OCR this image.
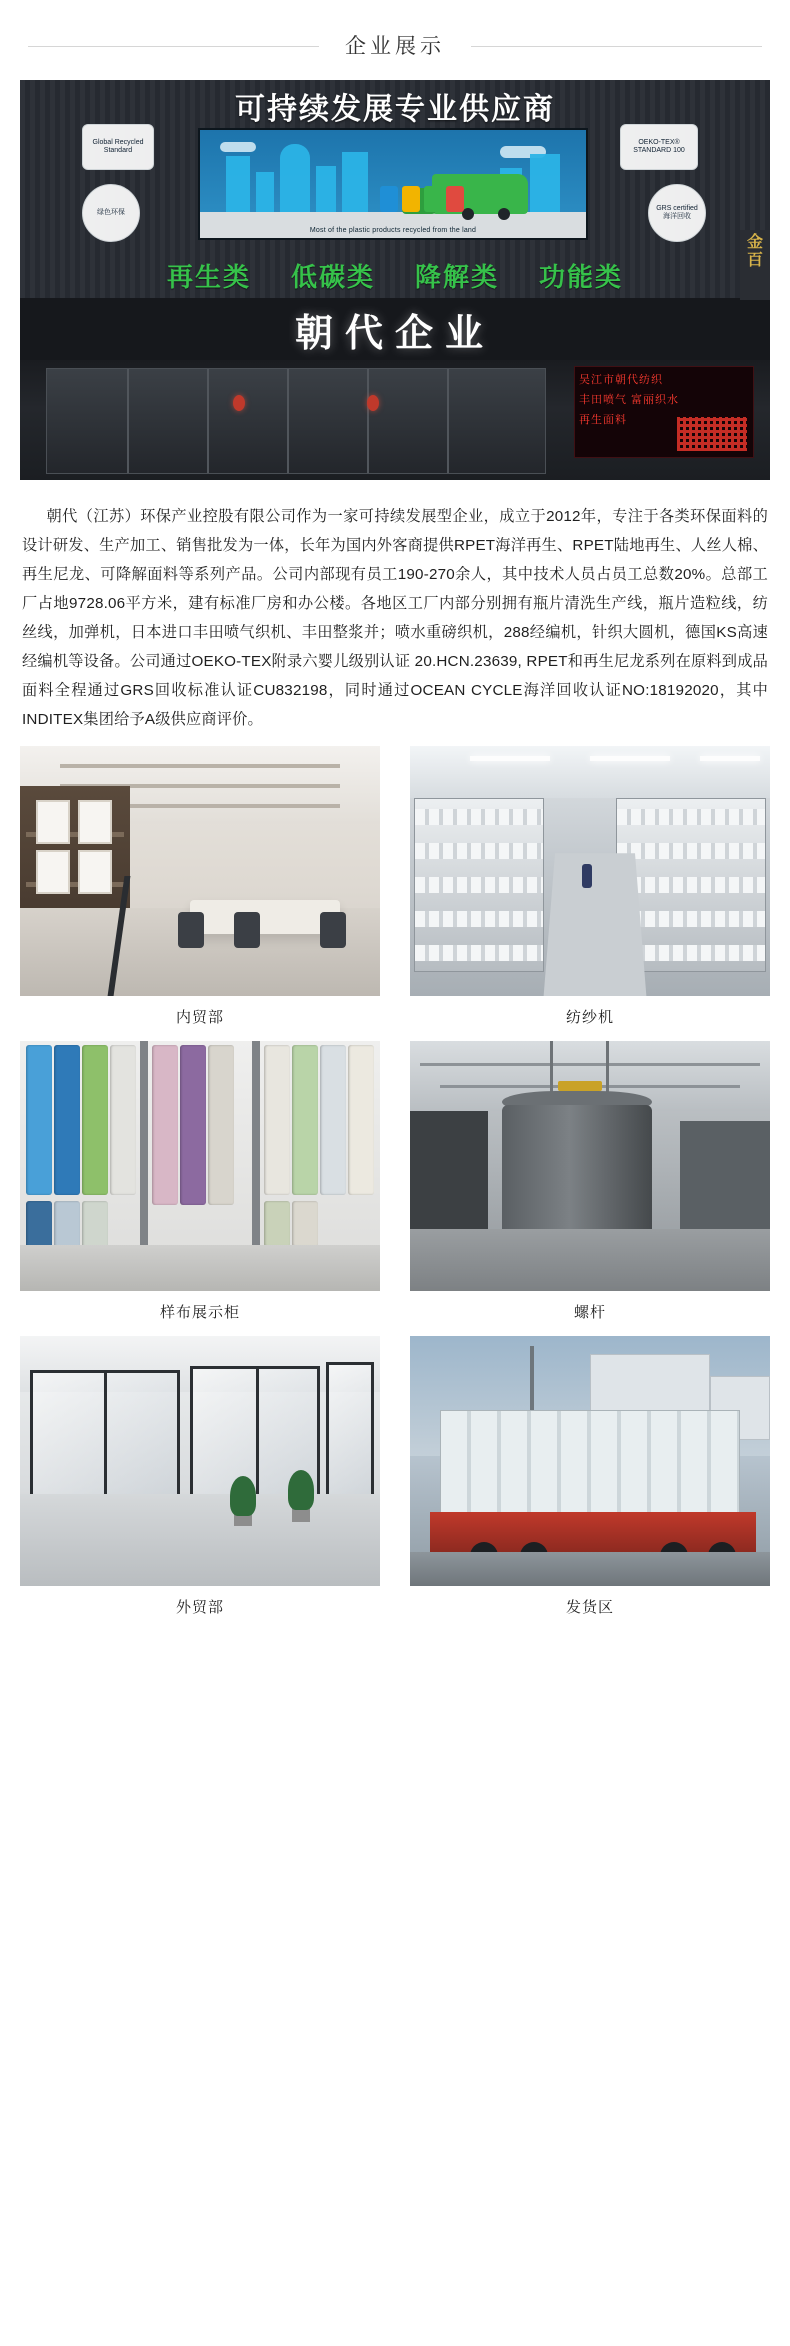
企业展示
可持续发展专业供应商
Most of the plastic products recycled from the land
Global Recycled Standard
绿色环保
OEKO-TEX® STANDARD 100
GRS certified 海洋回收
再生类 低碳类 降解类 功能类
朝代企业
吴江市朝代纺织
丰田喷气 富丽织水
再生面料
金百
朝代（江苏）环保产业控股有限公司作为一家可持续发展型企业，成立于2012年，专注于各类环保面料的设计研发、生产加工、销售批发为一体，长年为国内外客商提供RPET海洋再生、RPET陆地再生、人丝人棉、再生尼龙、可降解面料等系列产品。公司内部现有员工190-270余人，其中技术人员占员工总数20%。总部工厂占地9728.06平方米，建有标准厂房和办公楼。各地区工厂内部分别拥有瓶片清洗生产线，瓶片造粒线，纺丝线，加弹机，日本进口丰田喷气织机、丰田整浆并；喷水重磅织机，288经编机，针织大圆机，德国KS高速经编机等设备。公司通过OEKO-TEX附录六婴儿级别认证 20.HCN.23639, RPET和再生尼龙系列在原料到成品面料全程通过GRS回收标准认证CU832198，同时通过OCEAN CYCLE海洋回收认证NO:18192020，其中INDITEX集团给予A级供应商评价。
内贸部	纺纱机
样布展示柜	螺杆
外贸部	发货区
